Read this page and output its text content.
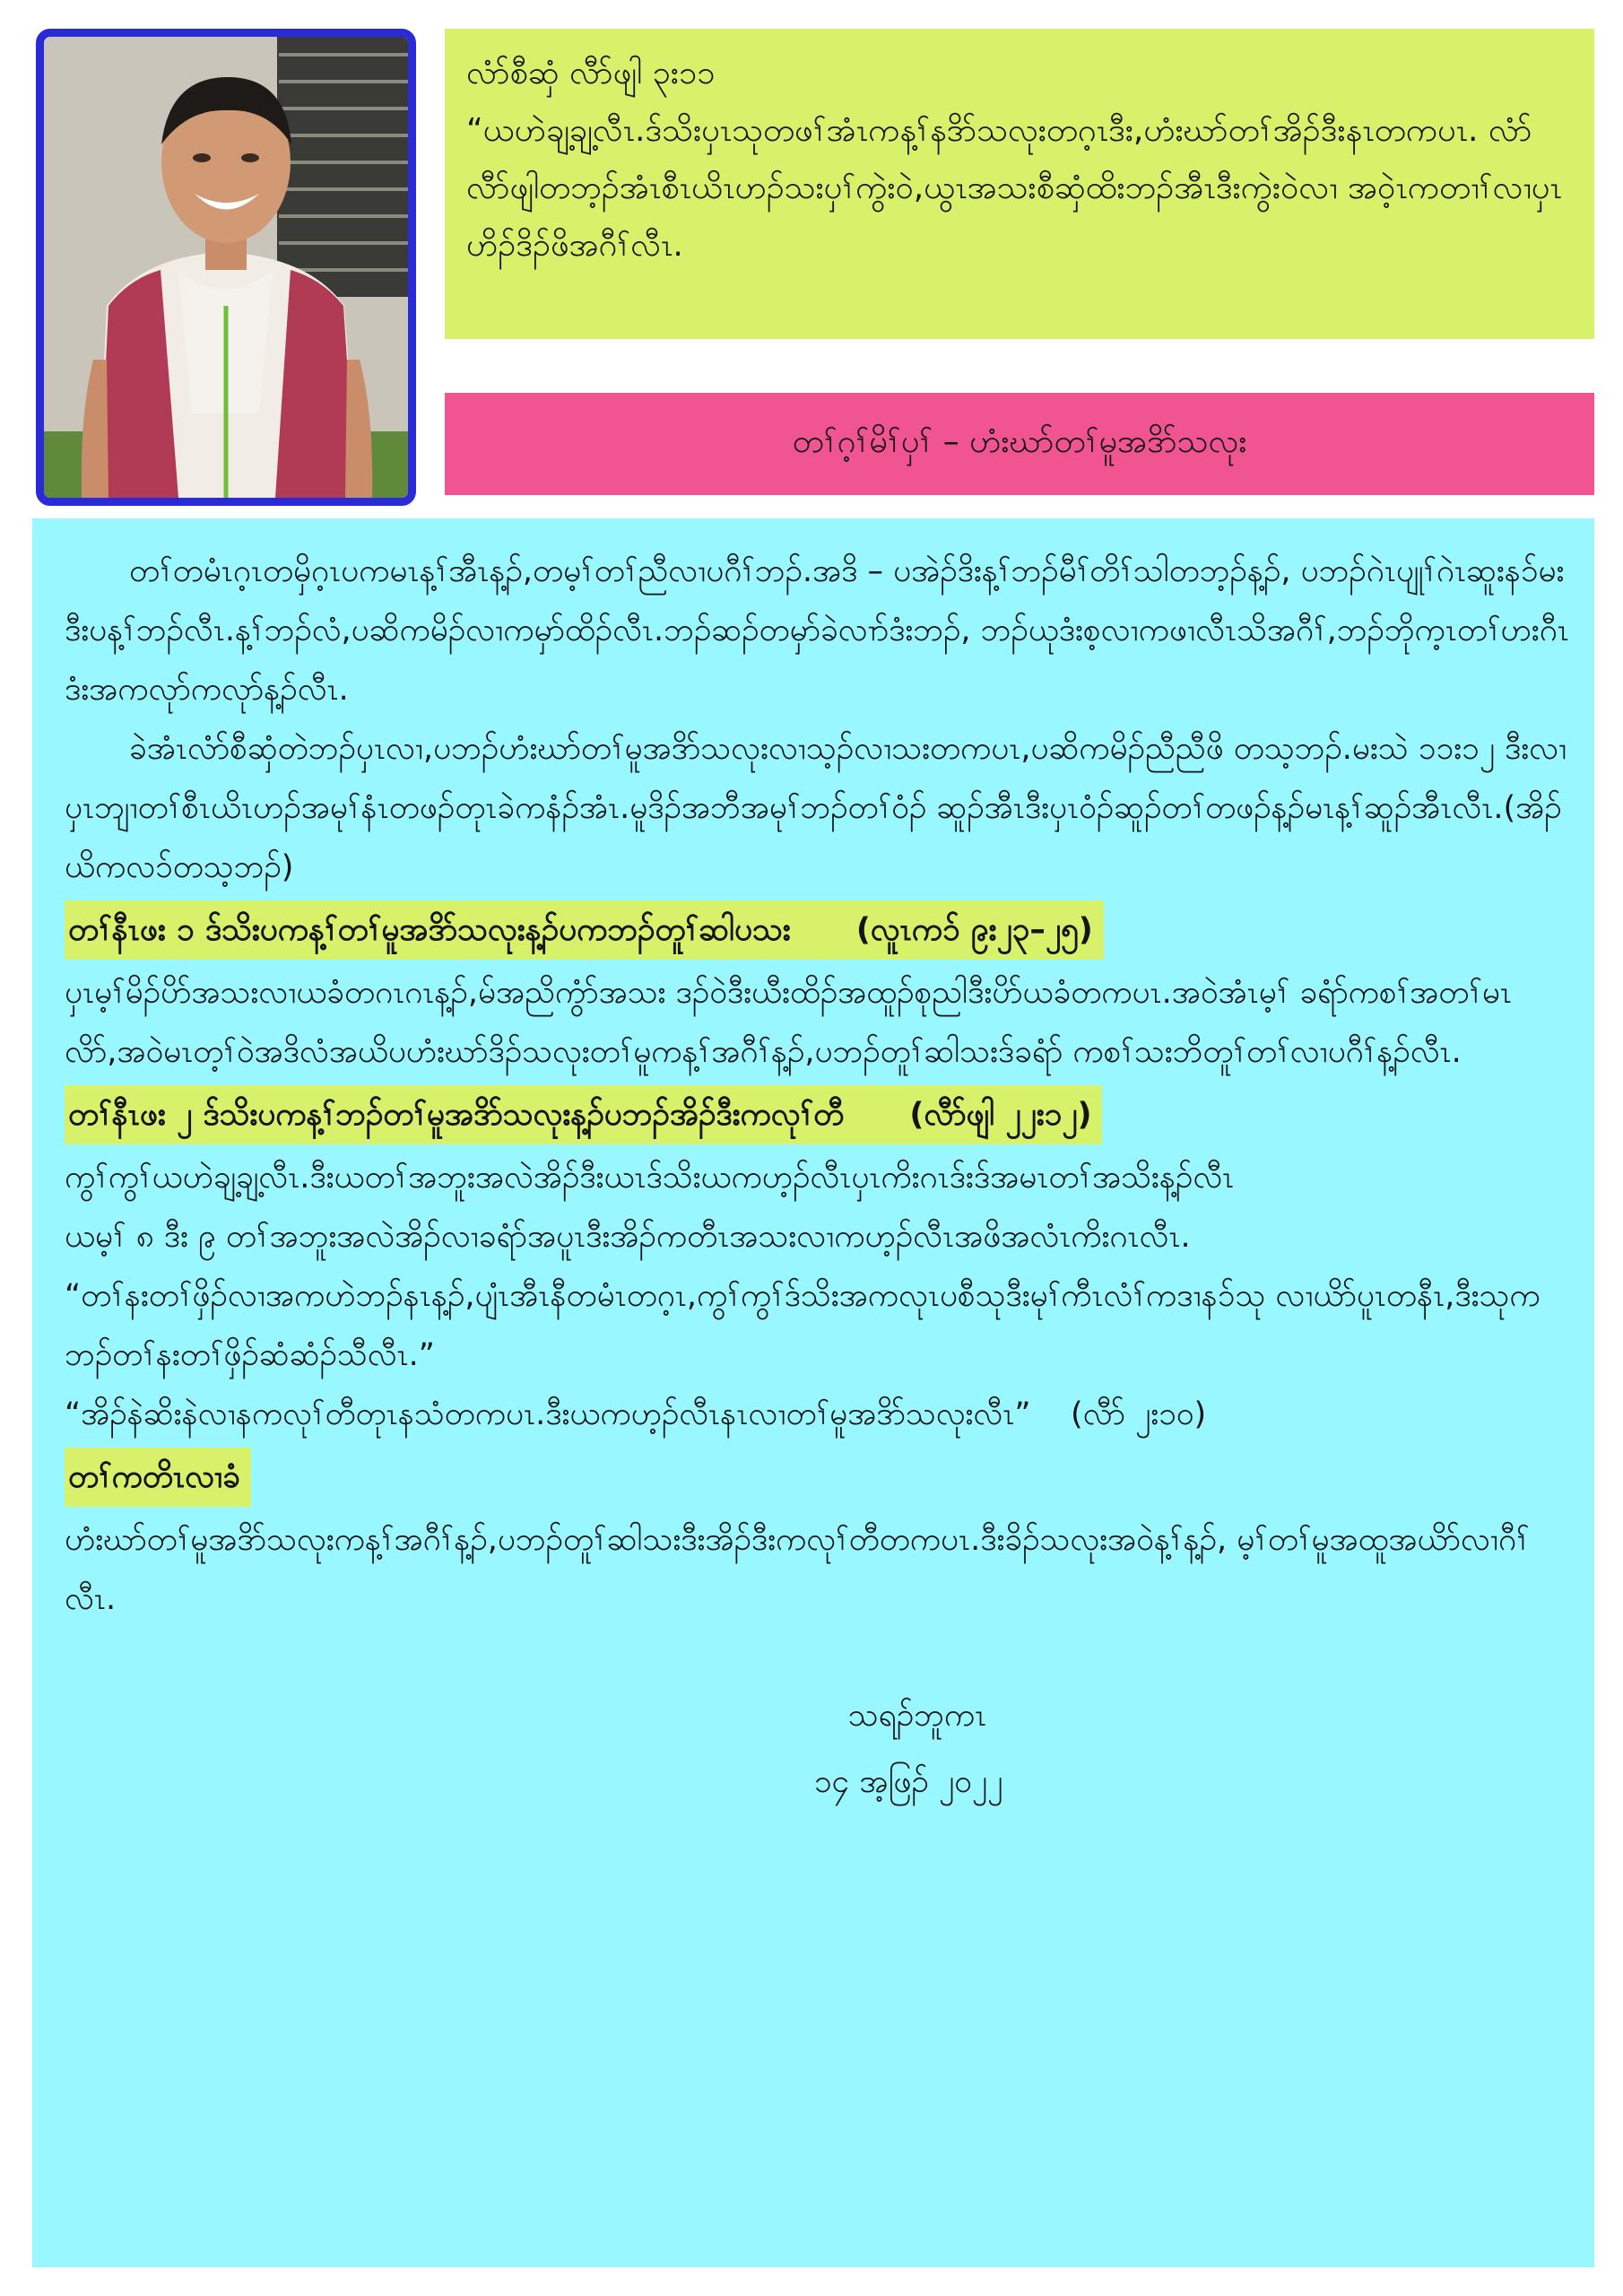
လံာ်စီဆှံ လီာ်ဖျါ ၃း၁၁
“ယဟဲချ့ချ့လီၤ.ဒ်သိးပှၤသုတဖၢ်အံၤကန့ၢ်နဒိာ်သလုးတဂ့ၤဒီး,ဟံးဃာ်တၢ်အိၣ်ဒီးနၤတကပၤ. လံာ်လီာ်ဖျါတဘ့ၣ်အံၤစီၤယိၤဟၣ်သးပှၢ်ကွဲးဝဲ,ယွၤအသးစီဆှံထိးဘၣ်အီၤဒီးကွဲးဝဲလၢ အဝဲ့ၤကတၢၢ်လၢပှၤဟိၣ်ဒိၣ်ဖိအဂီၢ်လီၤ.
တၢ်ဂ့ၢ်မိၢ်ပှၢ် – ဟံးဃာ်တၢ်မူအဒိာ်သလုး

တၢ်တမံၤဂ့ၤတမှိဂ့ၤပကမၤန့ၢ်အီၤန့ၣ်,တမ့ၢ်တၢ်ညီလၢပဂီၢ်ဘၣ်.အဒိ – ပအဲၣ်ဒိးန့ၢ်ဘၣ်မီၢ်တိၢ်သါတဘ့ၣ်န့ၣ်, ပဘၣ်ဂဲၤပျုၢ်ဂဲၤဆူးနၥ်မးဒီးပန့ၢ်ဘၣ်လီၤ.န့ၢ်ဘၣ်လံ,ပဆိကမိၣ်လၢကမှာ်ထိၣ်လီၤ.ဘၣ်ဆၣ်တမှာ်ခဲလၢာ်ဒံးဘၣ်, ဘၣ်ယုဒံးစ့လၢကဖၢလီၤသိအဂီၢ်,ဘၣ်ဘိုက့ၤတၢ်ဟးဂီၤဒံးအကလုာ်ကလုာ်န့ၣ်လီၤ.

ခဲအံၤလံာ်စီဆှံတဲဘၣ်ပှၤလၢ,ပဘၣ်ဟံးဃာ်တၢ်မူအဒိာ်သလုးလၢသ့ၣ်လၢသးတကပၤ,ပဆိကမိၣ်ညီညီဖိ တသ့ဘၣ်.မးသဲ ၁၁း၁၂ ဒီးလၢပှၤဘျၢတၢ်စီၤယိၤဟၣ်အမုၢ်နံၤတဖၣ်တုၤခဲကနံၣ်အံၤ.မူဒိၣ်အဘီအမုၢ်ဘၣ်တၢ်ဝံၣ် ဆူၣ်အီၤဒီးပှၤဝံၣ်ဆူၣ်တၢ်တဖၣ်န့ၣ်မၤန့ၢ်ဆူၣ်အီၤလီၤ.(အိၣ်ယိကလၥ်တသ့ဘၣ်)

တၢ်နီၤဖး ၁ ဒ်သိးပကန့ၢ်တၢ်မူအဒိာ်သလုးန့ၣ်ပကဘၣ်တူၢ်ဆါပသး (လူၤကၥ် ၉း၂၃–၂၅)

ပှၤမ့ၢ်မိၣ်ပိာ်အသးလၢယခံတဂၤဂၤန့ၣ်,မ်အညိကွံာ်အသး ဒၣ်ဝဲဒီးယီးထိၣ်အထူၣ်စုညါဒီးပိာ်ယခံတကပၤ.အဝဲအံၤမ့ၢ် ခရံာ်ကစၢ်အတၢ်မၤလိာ်,အဝဲမၤတ့ၢ်ဝဲအဒိလံအယိပဟံးဃာ်ဒိၣ်သလုးတၢ်မူကန့ၢ်အဂီၢ်န့ၣ်,ပဘၣ်တူၢ်ဆါသးဒ်ခရံာ် ကစၢ်သးဘိတူၢ်တၢ်လၢပဂီၢ်န့ၣ်လီၤ.

တၢ်နီၤဖး ၂ ဒ်သိးပကန့ၢ်ဘၣ်တၢ်မူအဒိာ်သလုးန့ၣ်ပဘၣ်အိၣ်ဒီးကလုၢ်တီ (လီာ်ဖျါ ၂၂း၁၂)

ကွၢ်ကွၢ်ယဟဲချ့ချ့လီၤ.ဒီးယတၢ်အဘူးအလဲအိၣ်ဒီးယၤဒ်သိးယကဟ့ၣ်လီၤပှၤကိးဂၤဒ်းဒ်အမၤတၢ်အသိးန့ၣ်လီၤ

ယမ့ၢ် ၈ ဒီး ၉ တၢ်အဘူးအလဲအိၣ်လၢခရံာ်အပူၤဒီးအိၣ်ကတီၤအသးလၢကဟ့ၣ်လီၤအဖိအလံၤကိးဂၤလီၤ.

“တၢ်နးတၢ်ဖှိၣ်လၢအကဟဲဘၣ်နၤန့ၣ်,ပျံၤအီၤနီတမံၤတဂ့ၤ,ကွၢ်ကွၢ်ဒ်သိးအကလုၤပစီသုဒီးမုၢ်ကီၤလံၢ်ကဒၢနၥ်သု လၢယိာ်ပူၤတနီၤ,ဒီးသုကဘၣ်တၢ်နးတၢ်ဖှိၣ်ဆံဆံၣ်သီလီၤ.”

“အိၣ်နဲဆိးနဲလၢနကလုၢ်တီတုၤနသံတကပၤ.ဒီးယကဟ့ၣ်လီၤနၤလၢတၢ်မူအဒိာ်သလုးလီၤ” (လီာ် ၂း၁၀)

တၢ်ကတိၤလၢခံ

ဟံးဃာ်တၢ်မူအဒိာ်သလုးကန့ၢ်အဂီၢ်န့ၣ်,ပဘၣ်တူၢ်ဆါသးဒီးအိၣ်ဒီးကလုၢ်တီတကပၤ.ဒီးခိၣ်သလုးအဝဲန့ၢ်န့ၣ်, မ့ၢ်တၢ်မူအထူအယိာ်လၢဂီၢ်လီၤ.

သရၣ်ဘူကၤ

၁၄ အ့ဖြၣ် ၂၀၂၂
